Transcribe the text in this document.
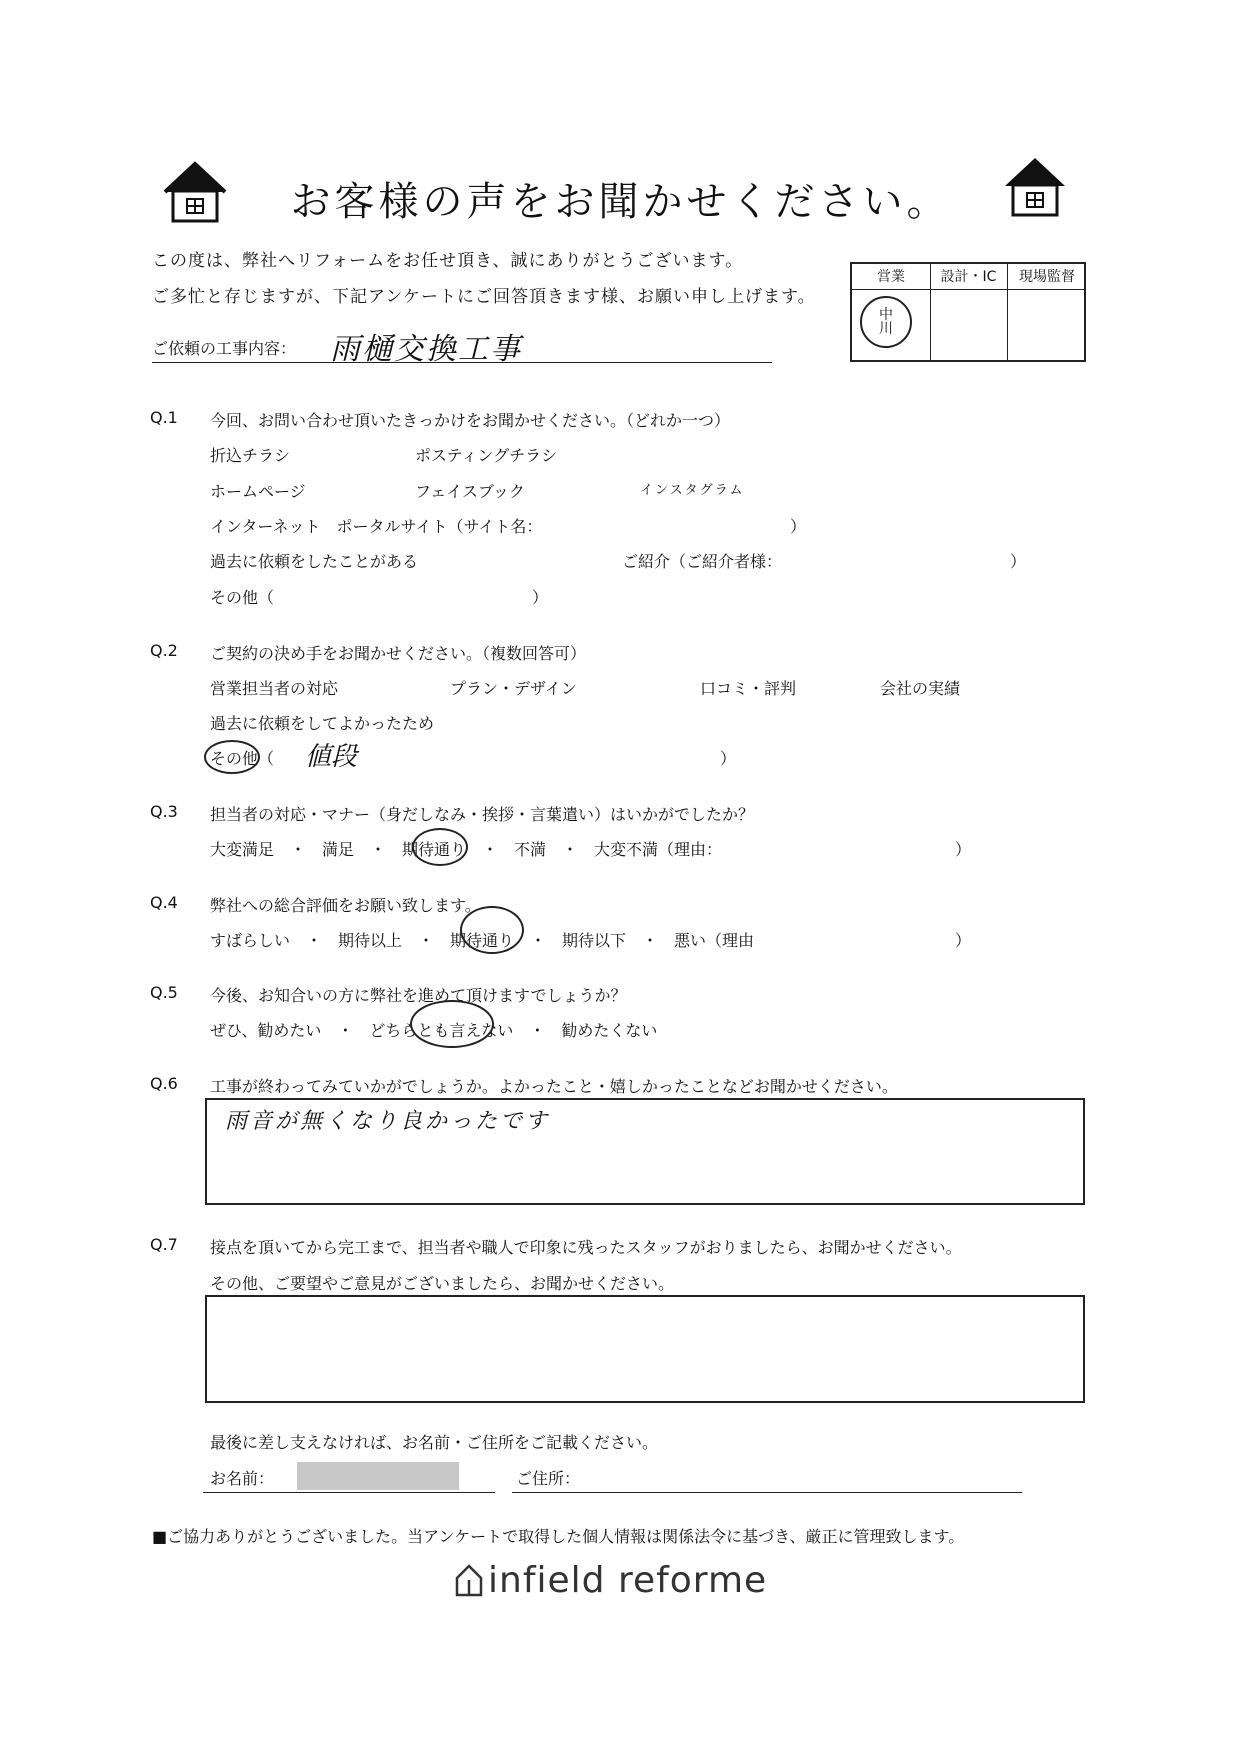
お客様の声をお聞かせください。
この度は、弊社へリフォームをお任せ頂き、誠にありがとうございます。
ご多忙と存じますが、下記アンケートにご回答頂きます様、お願い申し上げます。
営業	設計・IC	現場監督
中川
ご依頼の工事内容： 雨樋交換工事
Q.1 今回、お問い合わせ頂いたきっかけをお聞かせください。（どれか一つ）
折込チラシ	ポスティングチラシ
ホームページ	フェイスブック	インスタグラム
インターネット　ポータルサイト（サイト名：	）
過去に依頼をしたことがある	ご紹介（ご紹介者様：	）
その他（	）
Q.2 ご契約の決め手をお聞かせください。（複数回答可）
営業担当者の対応	プラン・デザイン	口コミ・評判	会社の実績
過去に依頼をしてよかったため
その他（ 値段	）
Q.3 担当者の対応・マナー（身だしなみ・挨拶・言葉遣い）はいかがでしたか？
大変満足　・　満足　・　期待通り　・　不満　・　大変不満（理由：	）
Q.4 弊社への総合評価をお願い致します。
すばらしい　・　期待以上　・　期待通り　・　期待以下　・　悪い（理由	）
Q.5 今後、お知合いの方に弊社を進めて頂けますでしょうか？
ぜひ、勧めたい　・　どちらとも言えない　・　勧めたくない
Q.6 工事が終わってみていかがでしょうか。よかったこと・嬉しかったことなどお聞かせください。
雨音が無くなり良かったです
Q.7 接点を頂いてから完工まで、担当者や職人で印象に残ったスタッフがおりましたら、お聞かせください。
その他、ご要望やご意見がございましたら、お聞かせください。
最後に差し支えなければ、お名前・ご住所をご記載ください。
お名前：	ご住所：
■ご協力ありがとうございました。当アンケートで取得した個人情報は関係法令に基づき、厳正に管理致します。
infield reforme
